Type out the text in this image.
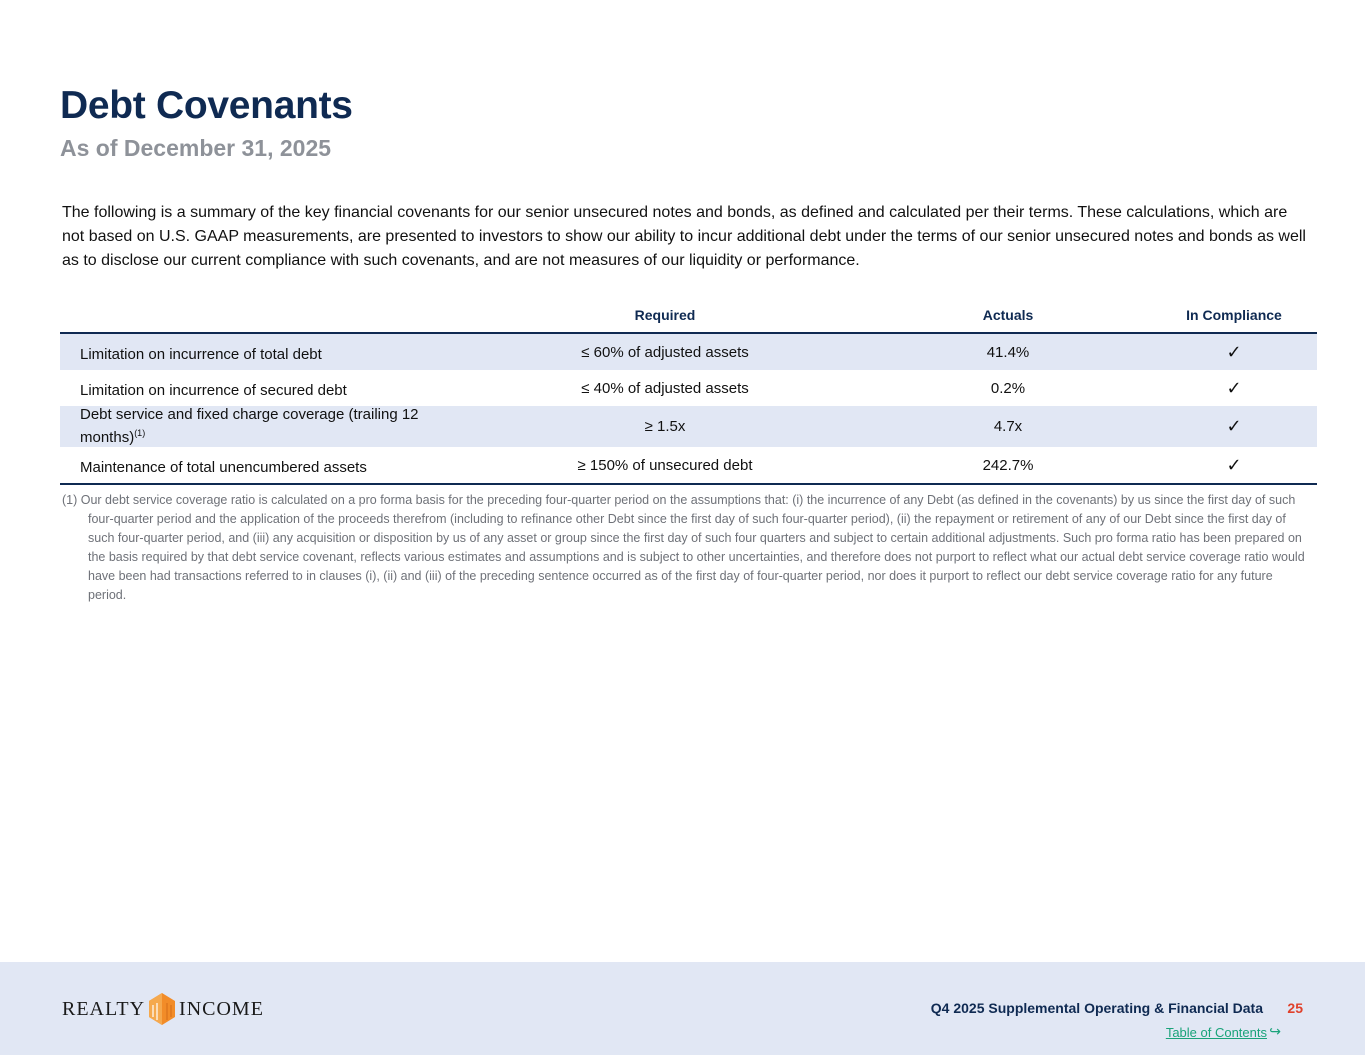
Debt Covenants
As of December 31, 2025

The following is a summary of the key financial covenants for our senior unsecured notes and bonds, as defined and calculated per their terms. These calculations, which are not based on U.S. GAAP measurements, are presented to investors to show our ability to incur additional debt under the terms of our senior unsecured notes and bonds as well as to disclose our current compliance with such covenants, and are not measures of our liquidity or performance.

	Required	Actuals	In Compliance
Limitation on incurrence of total debt	≤ 60% of adjusted assets	41.4%	✓
Limitation on incurrence of secured debt	≤ 40% of adjusted assets	0.2%	✓
Debt service and fixed charge coverage (trailing 12 months)$^{(1)}$	≥ 1.5x	4.7x	✓
Maintenance of total unencumbered assets	≥ 150% of unsecured debt	242.7%	✓

(1) Our debt service coverage ratio is calculated on a pro forma basis for the preceding four-quarter period on the assumptions that: (i) the incurrence of any Debt (as defined in the covenants) by us since the first day of such four-quarter period and the application of the proceeds therefrom (including to refinance other Debt since the first day of such four-quarter period), (ii) the repayment or retirement of any of our Debt since the first day of such four-quarter period, and (iii) any acquisition or disposition by us of any asset or group since the first day of such four quarters and subject to certain additional adjustments. Such pro forma ratio has been prepared on the basis required by that debt service covenant, reflects various estimates and assumptions and is subject to other uncertainties, and therefore does not purport to reflect what our actual debt service coverage ratio would have been had transactions referred to in clauses (i), (ii) and (iii) of the preceding sentence occurred as of the first day of four-quarter period, nor does it purport to reflect our debt service coverage ratio for any future period.

REALTY INCOME	Q4 2025 Supplemental Operating & Financial Data 25
Table of Contents ↪
